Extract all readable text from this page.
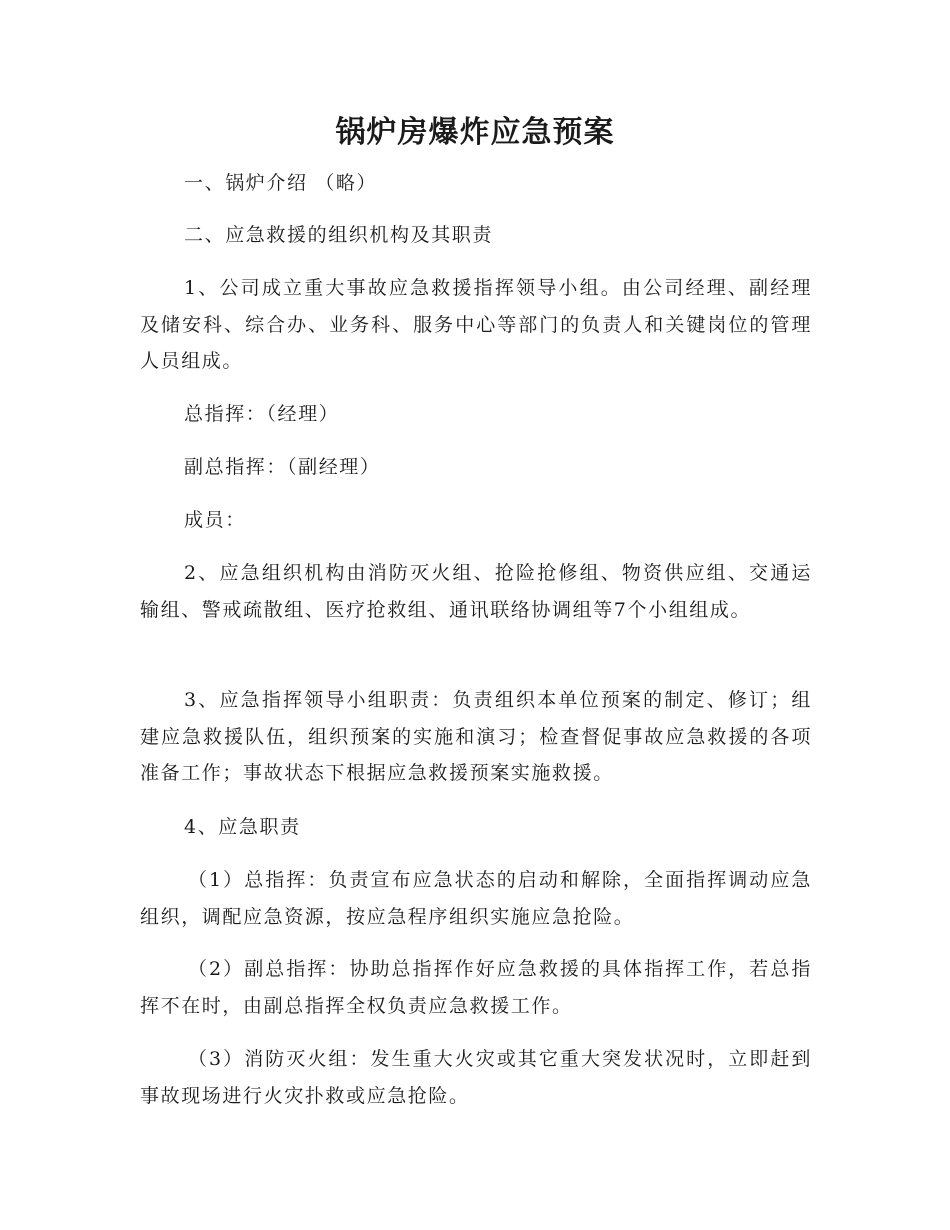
锅炉房爆炸应急预案

一、锅炉介绍 （略）

二、应急救援的组织机构及其职责

1、公司成立重大事故应急救援指挥领导小组。由公司经理、副经理及储安科、综合办、业务科、服务中心等部门的负责人和关键岗位的管理人员组成。

总指挥：（经理）

副总指挥：（副经理）

成员：

2、应急组织机构由消防灭火组、抢险抢修组、物资供应组、交通运输组、警戒疏散组、医疗抢救组、通讯联络协调组等7个小组组成。

3、应急指挥领导小组职责：负责组织本单位预案的制定、修订；组建应急救援队伍，组织预案的实施和演习；检查督促事故应急救援的各项准备工作；事故状态下根据应急救援预案实施救援。

4、应急职责

（1）总指挥：负责宣布应急状态的启动和解除，全面指挥调动应急组织，调配应急资源，按应急程序组织实施应急抢险。

（2）副总指挥：协助总指挥作好应急救援的具体指挥工作，若总指挥不在时，由副总指挥全权负责应急救援工作。

（3）消防灭火组：发生重大火灾或其它重大突发状况时，立即赶到事故现场进行火灾扑救或应急抢险。
